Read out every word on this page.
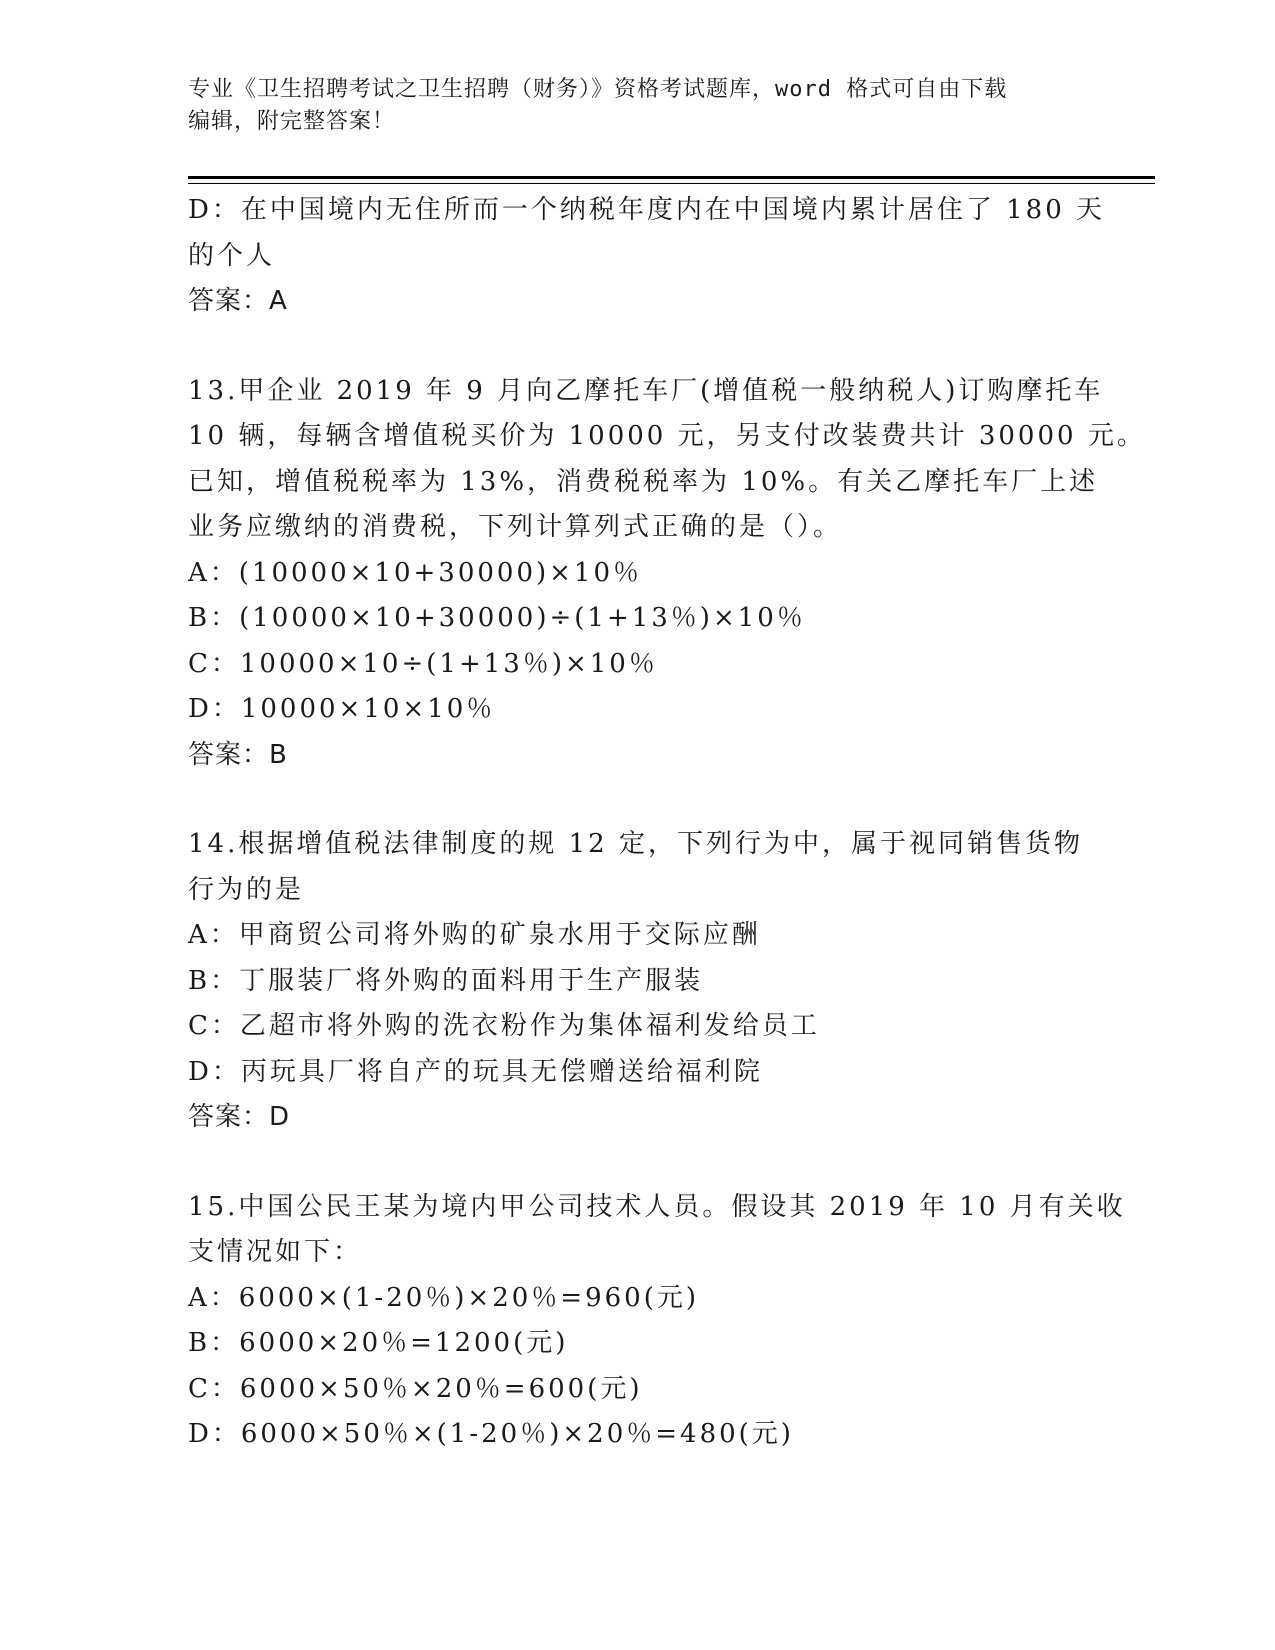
专业《卫生招聘考试之卫生招聘（财务）》资格考试题库，word 格式可自由下载
编辑，附完整答案！
D：在中国境内无住所而一个纳税年度内在中国境内累计居住了 180 天
的个人
答案：A
13.甲企业 2019 年 9 月向乙摩托车厂(增值税一般纳税人)订购摩托车
10 辆，每辆含增值税买价为 10000 元，另支付改装费共计 30000 元。
已知，增值税税率为 13%，消费税税率为 10%。有关乙摩托车厂上述
业务应缴纳的消费税，下列计算列式正确的是（）。
A：(10000×10+30000)×10％
B：(10000×10+30000)÷(1+13％)×10％
C：10000×10÷(1+13％)×10％
D：10000×10×10％
答案：B
14.根据增值税法律制度的规 12 定，下列行为中，属于视同销售货物
行为的是
A：甲商贸公司将外购的矿泉水用于交际应酬
B：丁服装厂将外购的面料用于生产服装
C：乙超市将外购的洗衣粉作为集体福利发给员工
D：丙玩具厂将自产的玩具无偿赠送给福利院
答案：D
15.中国公民王某为境内甲公司技术人员。假设其 2019 年 10 月有关收
支情况如下：
A：6000×(1-20％)×20％=960(元)
B：6000×20％=1200(元)
C：6000×50％×20％=600(元)
D：6000×50％×(1-20％)×20％=480(元)
